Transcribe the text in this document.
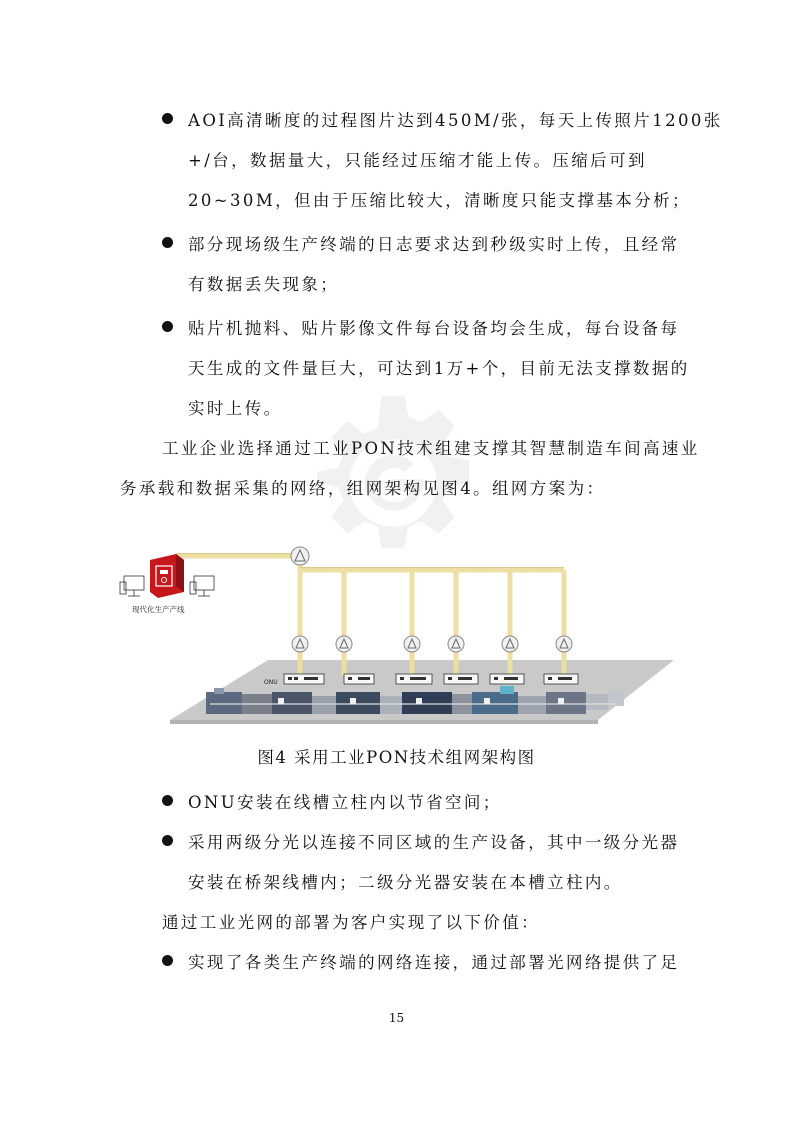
AOI高清晰度的过程图片达到450M/张，每天上传照片1200张
+/台，数据量大，只能经过压缩才能上传。压缩后可到
20~30M，但由于压缩比较大，清晰度只能支撑基本分析；
部分现场级生产终端的日志要求达到秒级实时上传，且经常
有数据丢失现象；
贴片机抛料、贴片影像文件每台设备均会生成，每台设备每
天生成的文件量巨大，可达到1万+个，目前无法支撑数据的
实时上传。
工业企业选择通过工业PON技术组建支撑其智慧制造车间高速业
务承载和数据采集的网络，组网架构见图4。组网方案为：
ONU
现代化生产产线
图4 采用工业PON技术组网架构图
ONU安装在线槽立柱内以节省空间；
采用两级分光以连接不同区域的生产设备，其中一级分光器
安装在桥架线槽内；二级分光器安装在本槽立柱内。
通过工业光网的部署为客户实现了以下价值：
实现了各类生产终端的网络连接，通过部署光网络提供了足
15
